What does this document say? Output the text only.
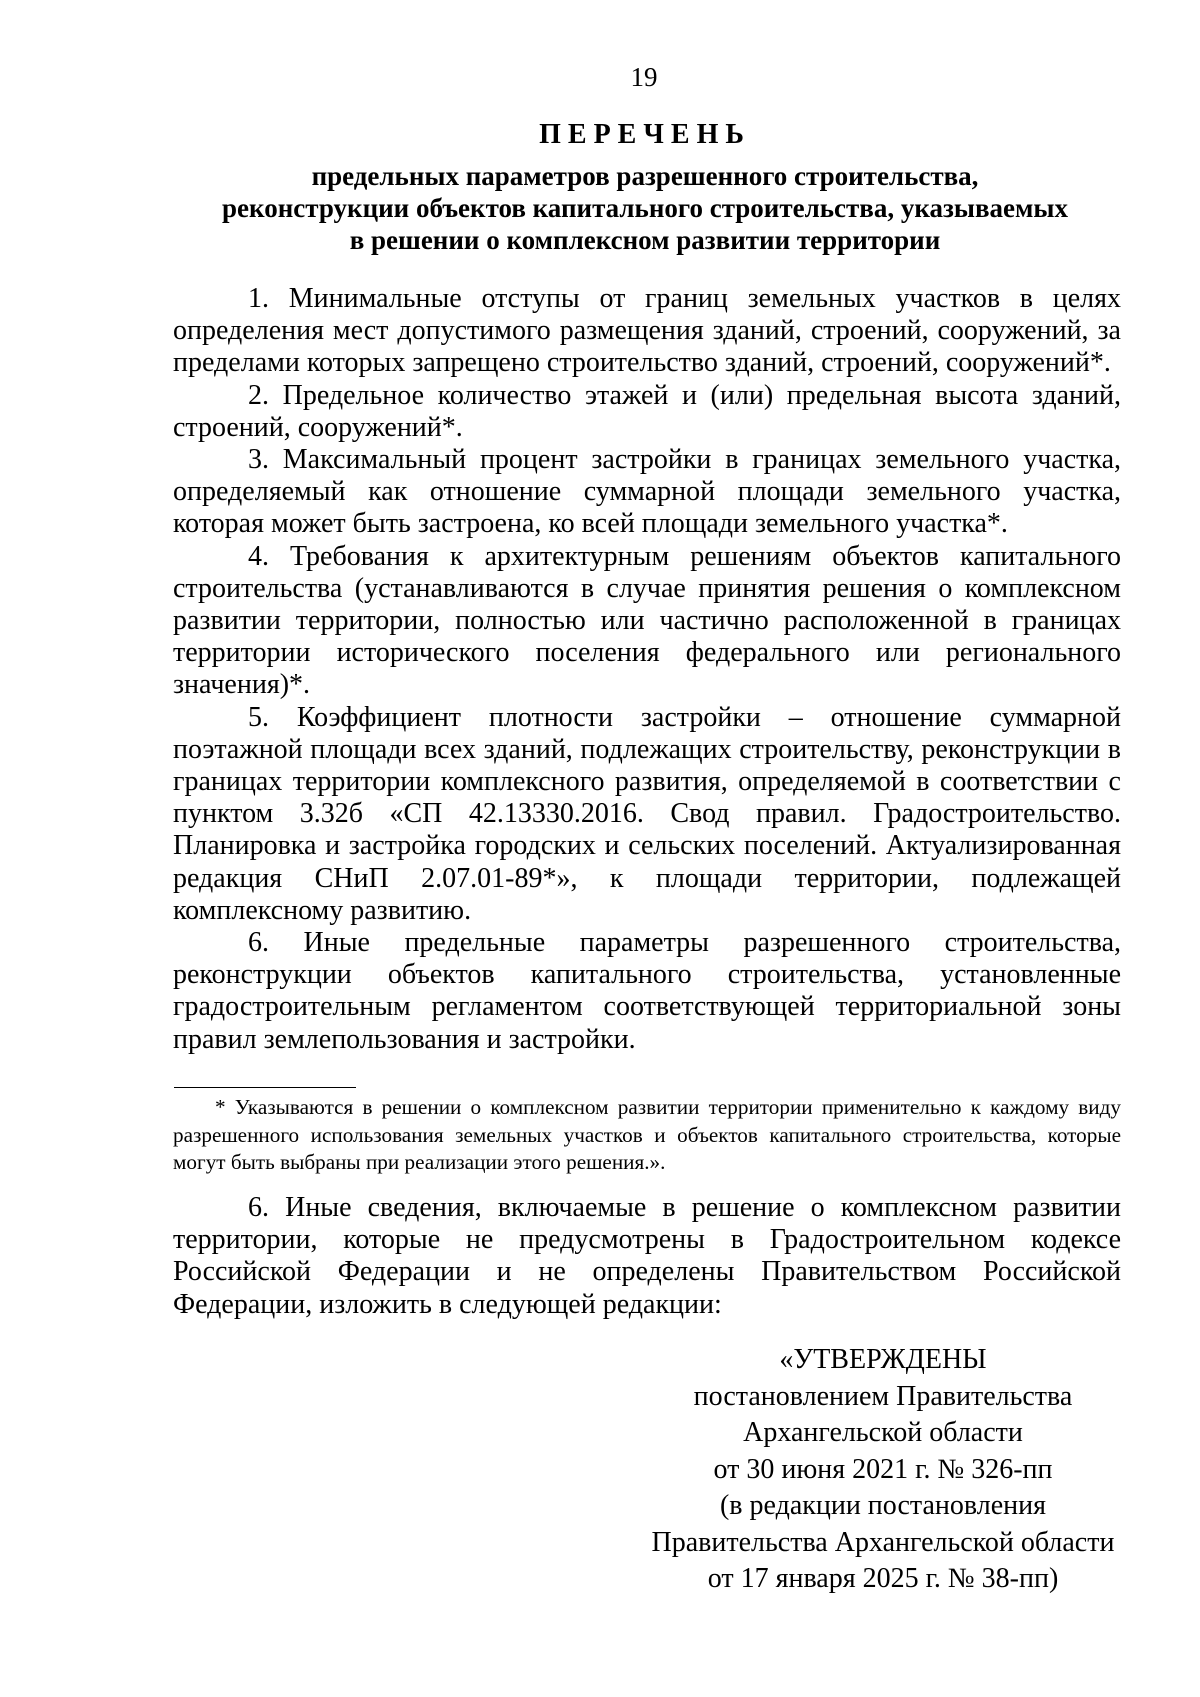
19
ПЕРЕЧЕНЬ
предельных параметров разрешенного строительства,
реконструкции объектов капитального строительства, указываемых
в решении о комплексном развитии территории

1. Минимальные отступы от границ земельных участков в целях определения мест допустимого размещения зданий, строений, сооружений, за пределами которых запрещено строительство зданий, строений, сооружений*.

2. Предельное количество этажей и (или) предельная высота зданий, строений, сооружений*.

3. Максимальный процент застройки в границах земельного участка, определяемый как отношение суммарной площади земельного участка, которая может быть застроена, ко всей площади земельного участка*.

4. Требования к архитектурным решениям объектов капитального строительства (устанавливаются в случае принятия решения о комплексном развитии территории, полностью или частично расположенной в границах территории исторического поселения федерального или регионального значения)*.

5. Коэффициент плотности застройки – отношение суммарной поэтажной площади всех зданий, подлежащих строительству, реконструкции в границах территории комплексного развития, определяемой в соответствии с пунктом 3.32б «СП 42.13330.2016. Свод правил. Градостроительство. Планировка и застройка городских и сельских поселений. Актуализированная редакция СНиП 2.07.01-89*», к площади территории, подлежащей комплексному развитию.

6. Иные предельные параметры разрешенного строительства, реконструкции объектов капитального строительства, установленные градостроительным регламентом соответствующей территориальной зоны правил землепользования и застройки.

* Указываются в решении о комплексном развитии территории применительно к каждому виду разрешенного использования земельных участков и объектов капитального строительства, которые могут быть выбраны при реализации этого решения.».

6. Иные сведения, включаемые в решение о комплексном развитии территории, которые не предусмотрены в Градостроительном кодексе Российской Федерации и не определены Правительством Российской Федерации, изложить в следующей редакции:

«УТВЕРЖДЕНЫ
постановлением Правительства
Архангельской области
от 30 июня 2021 г. № 326-пп
(в редакции постановления
Правительства Архангельской области
от 17 января 2025 г. № 38-пп)
